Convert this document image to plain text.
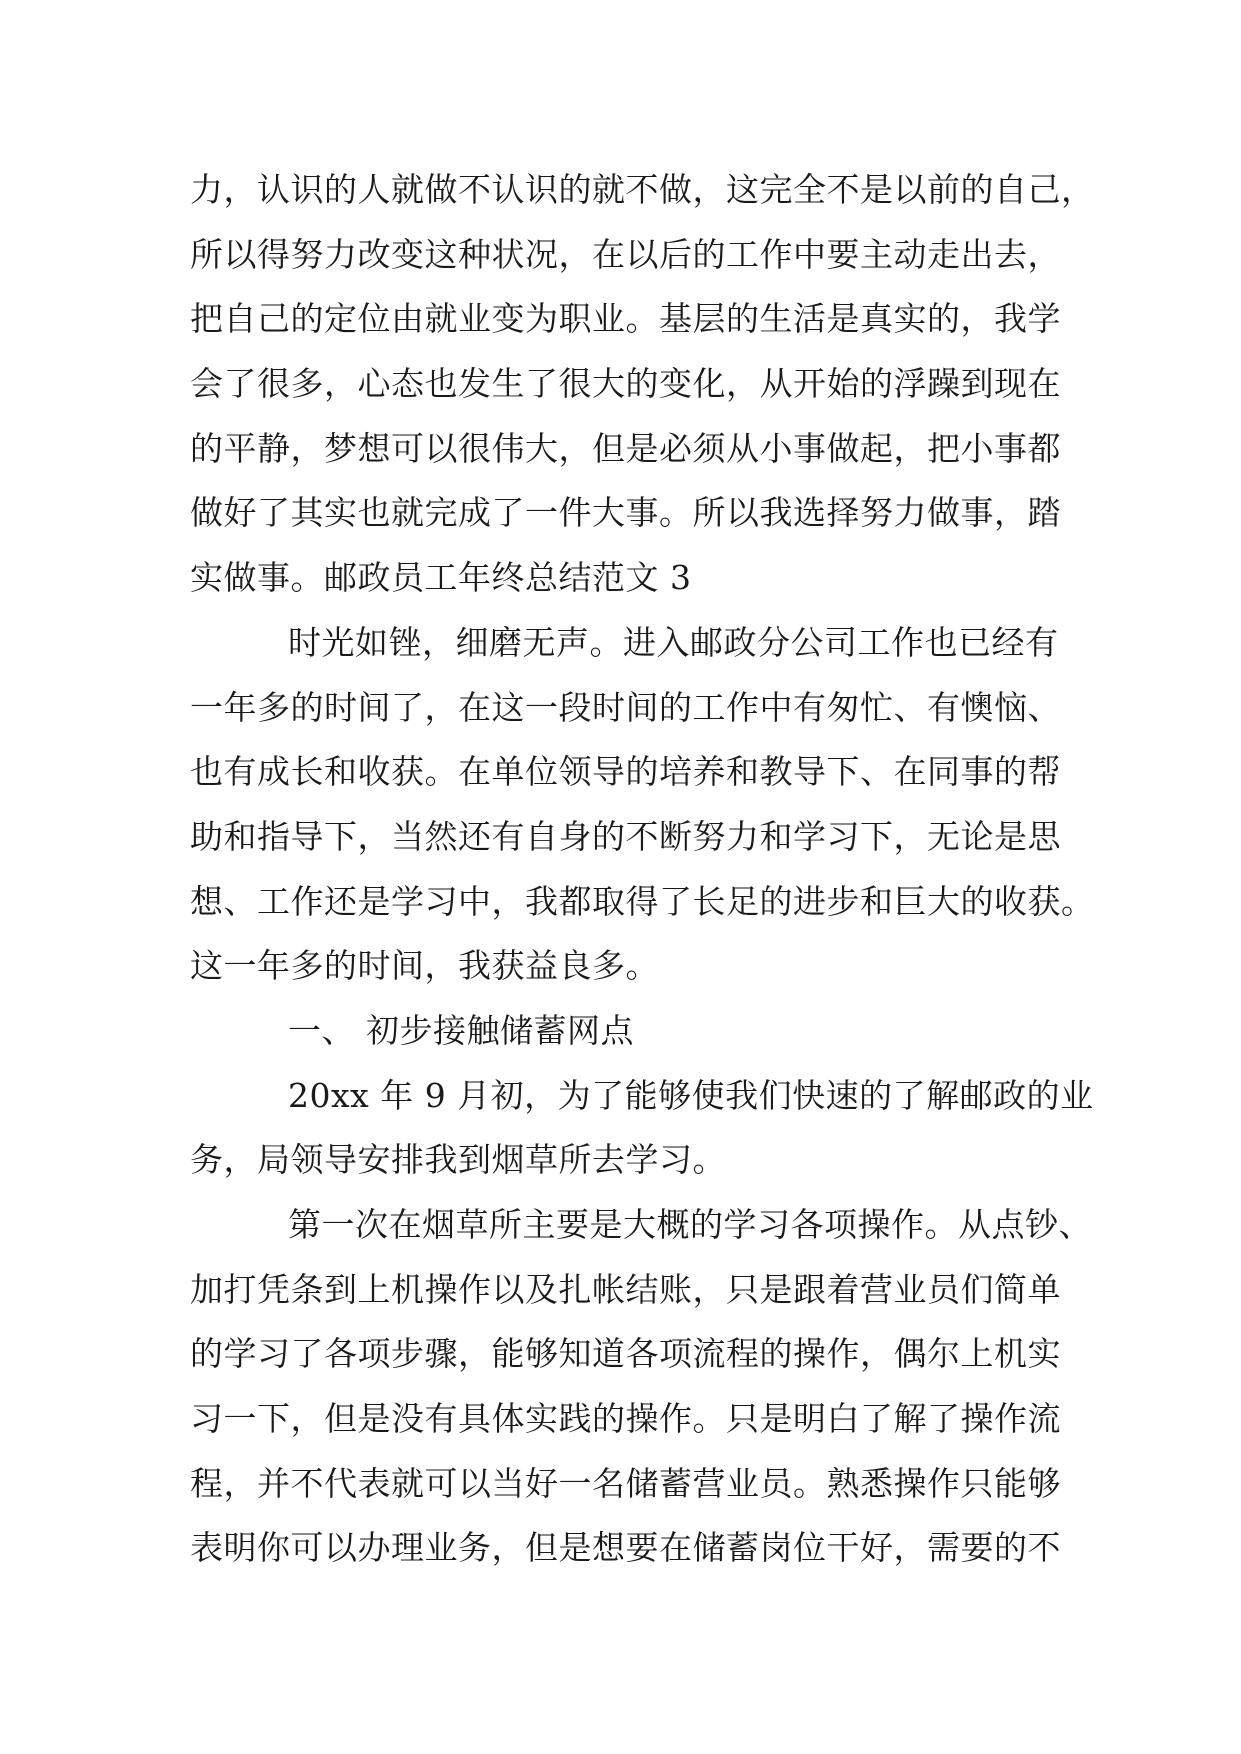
力，认识的人就做不认识的就不做，这完全不是以前的自己，
所以得努力改变这种状况，在以后的工作中要主动走出去，
把自己的定位由就业变为职业。基层的生活是真实的，我学
会了很多，心态也发生了很大的变化，从开始的浮躁到现在
的平静，梦想可以很伟大，但是必须从小事做起，把小事都
做好了其实也就完成了一件大事。所以我选择努力做事，踏
实做事。邮政员工年终总结范文 3
时光如锉，细磨无声。进入邮政分公司工作也已经有
一年多的时间了，在这一段时间的工作中有匆忙、有懊恼、
也有成长和收获。在单位领导的培养和教导下、在同事的帮
助和指导下，当然还有自身的不断努力和学习下，无论是思
想、工作还是学习中，我都取得了长足的进步和巨大的收获。
这一年多的时间，我获益良多。
一、 初步接触储蓄网点
20xx 年 9 月初，为了能够使我们快速的了解邮政的业
务，局领导安排我到烟草所去学习。
第一次在烟草所主要是大概的学习各项操作。从点钞、
加打凭条到上机操作以及扎帐结账，只是跟着营业员们简单
的学习了各项步骤，能够知道各项流程的操作，偶尔上机实
习一下，但是没有具体实践的操作。只是明白了解了操作流
程，并不代表就可以当好一名储蓄营业员。熟悉操作只能够
表明你可以办理业务，但是想要在储蓄岗位干好，需要的不
